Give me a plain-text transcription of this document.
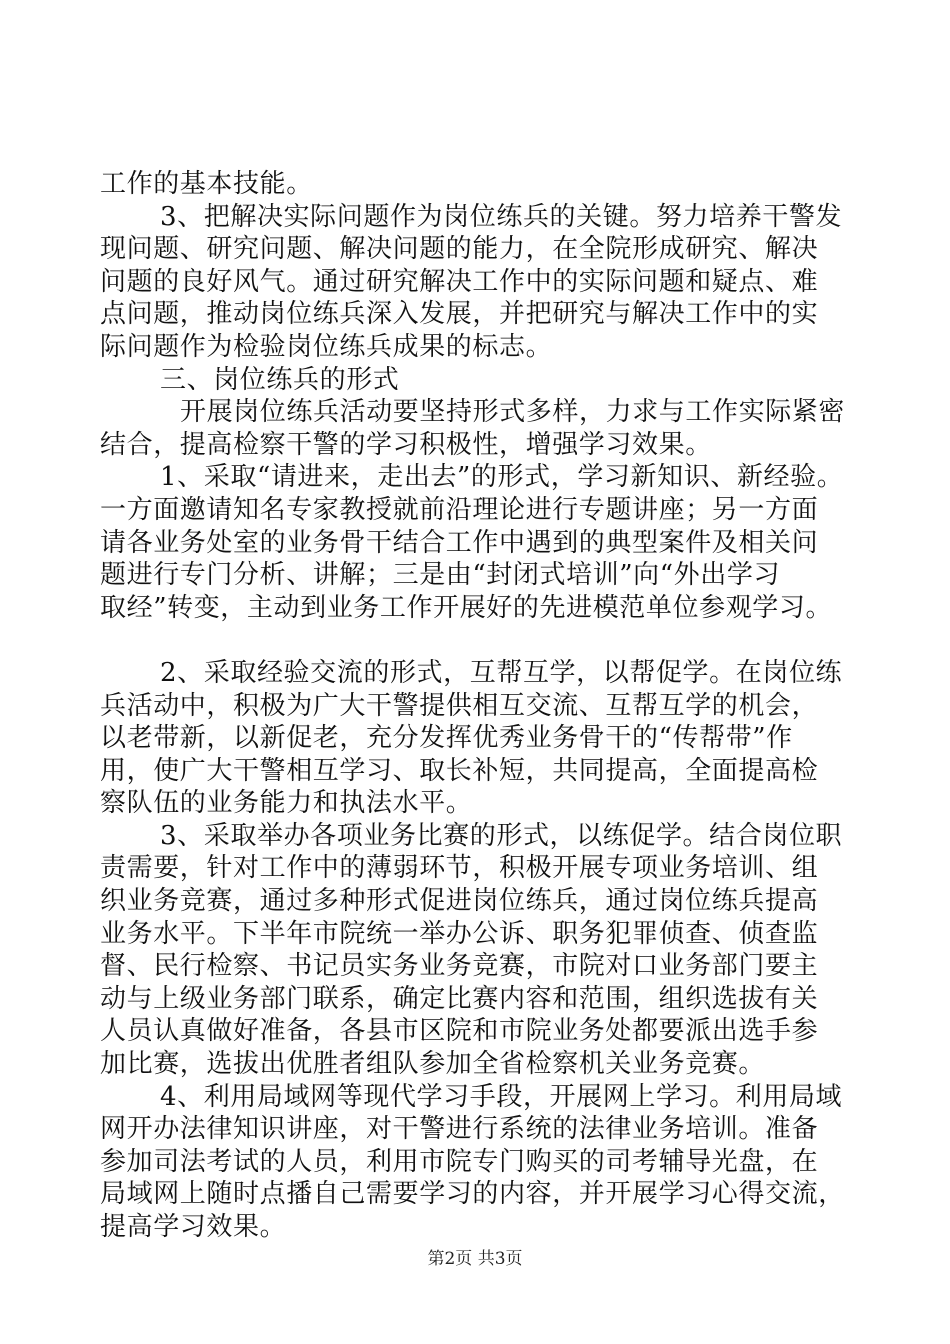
工作的基本技能。
3、把解决实际问题作为岗位练兵的关键。努力培养干警发
现问题、研究问题、解决问题的能力，在全院形成研究、解决
问题的良好风气。通过研究解决工作中的实际问题和疑点、难
点问题，推动岗位练兵深入发展，并把研究与解决工作中的实
际问题作为检验岗位练兵成果的标志。
三、岗位练兵的形式
开展岗位练兵活动要坚持形式多样，力求与工作实际紧密
结合，提高检察干警的学习积极性，增强学习效果。
1、采取“请进来，走出去”的形式，学习新知识、新经验。
一方面邀请知名专家教授就前沿理论进行专题讲座；另一方面
请各业务处室的业务骨干结合工作中遇到的典型案件及相关问
题进行专门分析、讲解；三是由“封闭式培训”向“外出学习
取经”转变，主动到业务工作开展好的先进模范单位参观学习。
2、采取经验交流的形式，互帮互学，以帮促学。在岗位练
兵活动中，积极为广大干警提供相互交流、互帮互学的机会，
以老带新，以新促老，充分发挥优秀业务骨干的“传帮带”作
用，使广大干警相互学习、取长补短，共同提高，全面提高检
察队伍的业务能力和执法水平。
3、采取举办各项业务比赛的形式，以练促学。结合岗位职
责需要，针对工作中的薄弱环节，积极开展专项业务培训、组
织业务竞赛，通过多种形式促进岗位练兵，通过岗位练兵提高
业务水平。下半年市院统一举办公诉、职务犯罪侦查、侦查监
督、民行检察、书记员实务业务竞赛，市院对口业务部门要主
动与上级业务部门联系，确定比赛内容和范围，组织选拔有关
人员认真做好准备，各县市区院和市院业务处都要派出选手参
加比赛，选拔出优胜者组队参加全省检察机关业务竞赛。
4、利用局域网等现代学习手段，开展网上学习。利用局域
网开办法律知识讲座，对干警进行系统的法律业务培训。准备
参加司法考试的人员，利用市院专门购买的司考辅导光盘，在
局域网上随时点播自己需要学习的内容，并开展学习心得交流，
提高学习效果。
第2页 共3页
